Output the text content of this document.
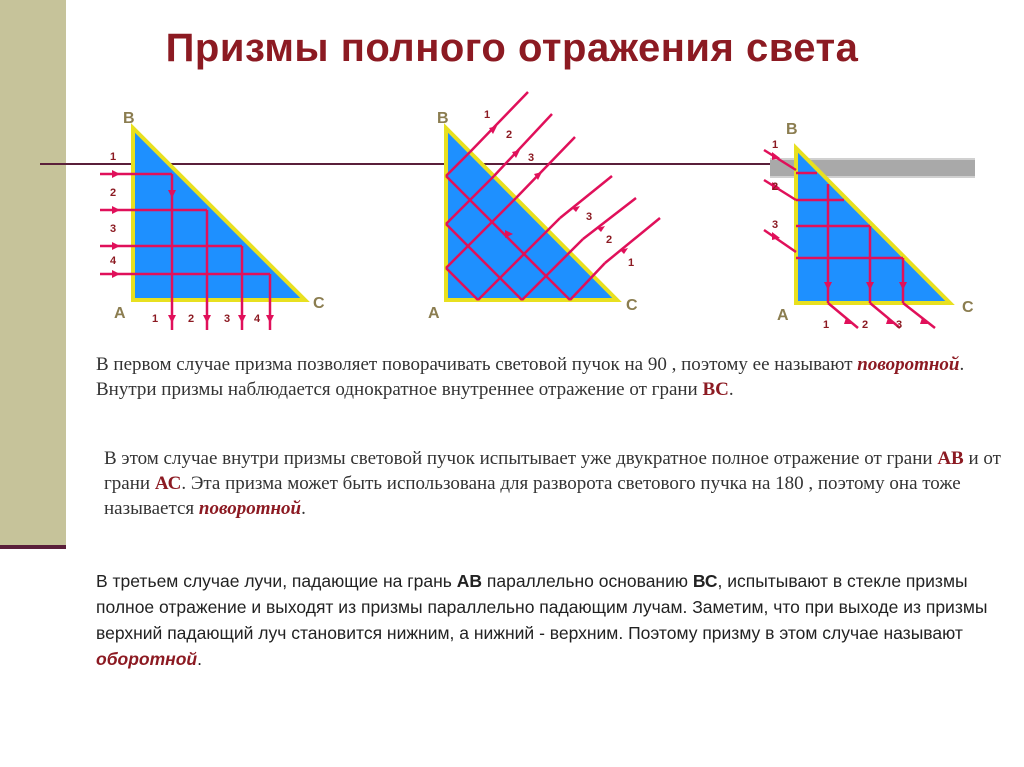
Призмы полного отражения света
1
2
3
4
1	2	3 4
B
A
C
1
2
3
3
2
1
B
A	C
1
2
3
1	2	3
B
A	C
В первом случае призма позволяет поворачивать световой пучок на 90 , поэтому ее называют поворотной. Внутри призмы наблюдается однократное внутреннее отражение от грани ВС.
В этом случае внутри призмы световой пучок испытывает уже двукратное полное отражение от грани АВ и от грани АС. Эта призма может быть использована для разворота светового пучка на 180 , поэтому она тоже называется поворотной.
В третьем случае лучи, падающие на грань АВ параллельно основанию ВС, испытывают в стекле призмы полное отражение и выходят из призмы параллельно падающим лучам. Заметим, что при выходе из призмы верхний падающий луч становится нижним, а нижний - верхним. Поэтому призму в этом случае называют оборотной.
